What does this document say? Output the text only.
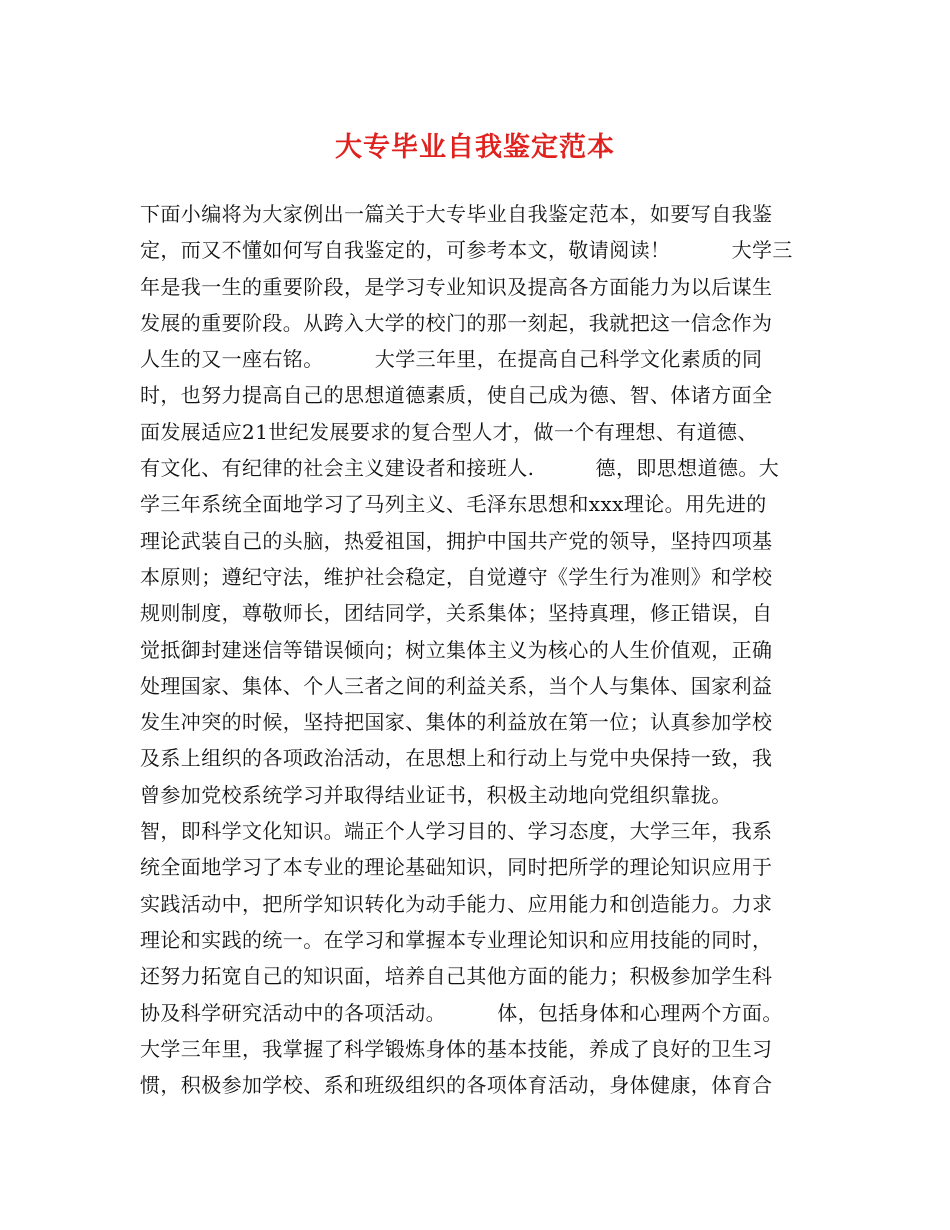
大专毕业自我鉴定范本
下面小编将为大家例出一篇关于大专毕业自我鉴定范本，如要写自我鉴
定，而又不懂如何写自我鉴定的，可参考本文，敬请阅读！　　　大学三
年是我一生的重要阶段，是学习专业知识及提高各方面能力为以后谋生
发展的重要阶段。从跨入大学的校门的那一刻起，我就把这一信念作为
人生的又一座右铭。　　　大学三年里，在提高自己科学文化素质的同
时，也努力提高自己的思想道德素质，使自己成为德、智、体诸方面全
面发展适应21世纪发展要求的复合型人才，做一个有理想、有道德、
有文化、有纪律的社会主义建设者和接班人.　　　德，即思想道德。大
学三年系统全面地学习了马列主义、毛泽东思想和xxx理论。用先进的
理论武装自己的头脑，热爱祖国，拥护中国共产党的领导，坚持四项基
本原则；遵纪守法，维护社会稳定，自觉遵守《学生行为准则》和学校
规则制度，尊敬师长，团结同学，关系集体；坚持真理，修正错误，自
觉抵御封建迷信等错误倾向；树立集体主义为核心的人生价值观，正确
处理国家、集体、个人三者之间的利益关系，当个人与集体、国家利益
发生冲突的时候，坚持把国家、集体的利益放在第一位；认真参加学校
及系上组织的各项政治活动，在思想上和行动上与党中央保持一致，我
曾参加党校系统学习并取得结业证书，积极主动地向党组织靠拢。　　
智，即科学文化知识。端正个人学习目的、学习态度，大学三年，我系
统全面地学习了本专业的理论基础知识，同时把所学的理论知识应用于
实践活动中，把所学知识转化为动手能力、应用能力和创造能力。力求
理论和实践的统一。在学习和掌握本专业理论知识和应用技能的同时，
还努力拓宽自己的知识面，培养自己其他方面的能力；积极参加学生科
协及科学研究活动中的各项活动。　　　体，包括身体和心理两个方面。
大学三年里，我掌握了科学锻炼身体的基本技能，养成了良好的卫生习
惯，积极参加学校、系和班级组织的各项体育活动，身体健康，体育合
